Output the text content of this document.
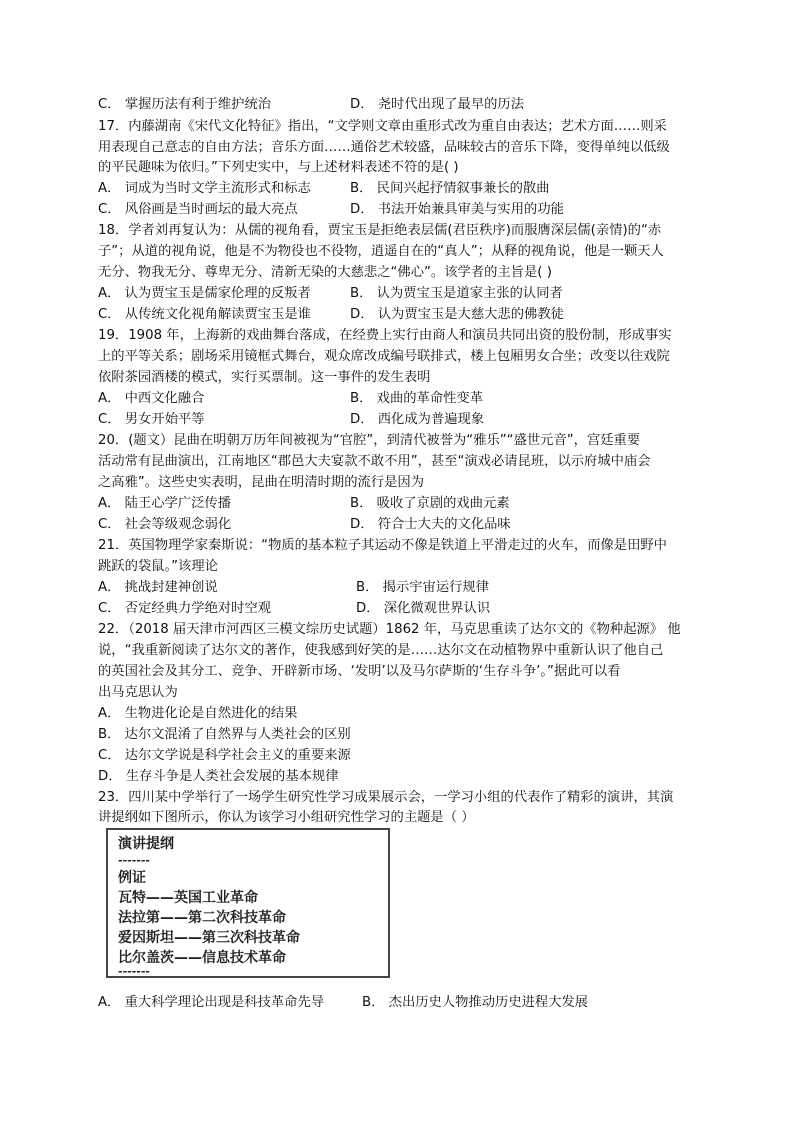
C． 掌握历法有利于维护统治
17．内藤湖南《宋代文化特征》指出，“文学则文章由重形式改为重自由表达；艺术方面……则采
用表现自己意志的自由方法；音乐方面……通俗艺术较盛，品味较古的音乐下降，变得单纯以低级
的平民趣味为依归。”下列史实中，与上述材料表述不符的是( )
A． 词成为当时文学主流形式和标志
C． 风俗画是当时画坛的最大亮点
18．学者刘再复认为：从儒的视角看，贾宝玉是拒绝表层儒(君臣秩序)而服膺深层儒(亲情)的“赤
子”；从道的视角说，他是不为物役也不役物，逍遥自在的“真人”；从释的视角说，他是一颗天人
无分、物我无分、尊卑无分、清新无染的大慈悲之“佛心”。该学者的主旨是( )
A． 认为贾宝玉是儒家伦理的反叛者
C． 从传统文化视角解读贾宝玉是谁
19．1908 年，上海新的戏曲舞台落成，在经费上实行由商人和演员共同出资的股份制，形成事实
上的平等关系；剧场采用镜框式舞台，观众席改成编号联排式，楼上包厢男女合坐；改变以往戏院
依附茶园酒楼的模式，实行买票制。这一事件的发生表明
A． 中西文化融合
C． 男女开始平等
20．(题文）昆曲在明朝万历年间被视为“官腔”，到清代被誉为“雅乐”“盛世元音”，宫廷重要
活动常有昆曲演出，江南地区“郡邑大夫宴款不敢不用”，甚至“演戏必请昆班，以示府城中庙会
之高雅”。这些史实表明，昆曲在明清时期的流行是因为
A． 陆王心学广泛传播
C． 社会等级观念弱化
21．英国物理学家秦斯说：“物质的基本粒子其运动不像是铁道上平滑走过的火车，而像是田野中
跳跃的袋鼠。”该理论
A． 挑战封建神创说
C． 否定经典力学绝对时空观
22．（2018 届天津市河西区三模文综历史试题）1862 年，马克思重读了达尔文的《物种起源》 他
说，“我重新阅读了达尔文的著作，使我感到好笑的是……达尔文在动植物界中重新认识了他自己
的英国社会及其分工、竞争、开辟新市场、‘发明’以及马尔萨斯的‘生存斗争’。”据此可以看
出马克思认为
A． 生物进化论是自然进化的结果
B． 达尔文混淆了自然界与人类社会的区别
C． 达尔文学说是科学社会主义的重要来源
D． 生存斗争是人类社会发展的基本规律
23．四川某中学举行了一场学生研究性学习成果展示会，一学习小组的代表作了精彩的演讲，其演
讲提纲如下图所示，你认为该学习小组研究性学习的主题是（ ）
A． 重大科学理论出现是科技革命先导
D． 尧时代出现了最早的历法
B． 民间兴起抒情叙事兼长的散曲
D． 书法开始兼具审美与实用的功能
B． 认为贾宝玉是道家主张的认同者
D． 认为贾宝玉是大慈大悲的佛教徒
B． 戏曲的革命性变革
D． 西化成为普遍现象
B． 吸收了京剧的戏曲元素
D． 符合士大夫的文化品味
B． 揭示宇宙运行规律
D． 深化微观世界认识
B． 杰出历史人物推动历史进程大发展
演讲提纲
-------
例证
瓦特——英国工业革命
法拉第——第二次科技革命
爱因斯坦——第三次科技革命
比尔盖茨——信息技术革命
-------
